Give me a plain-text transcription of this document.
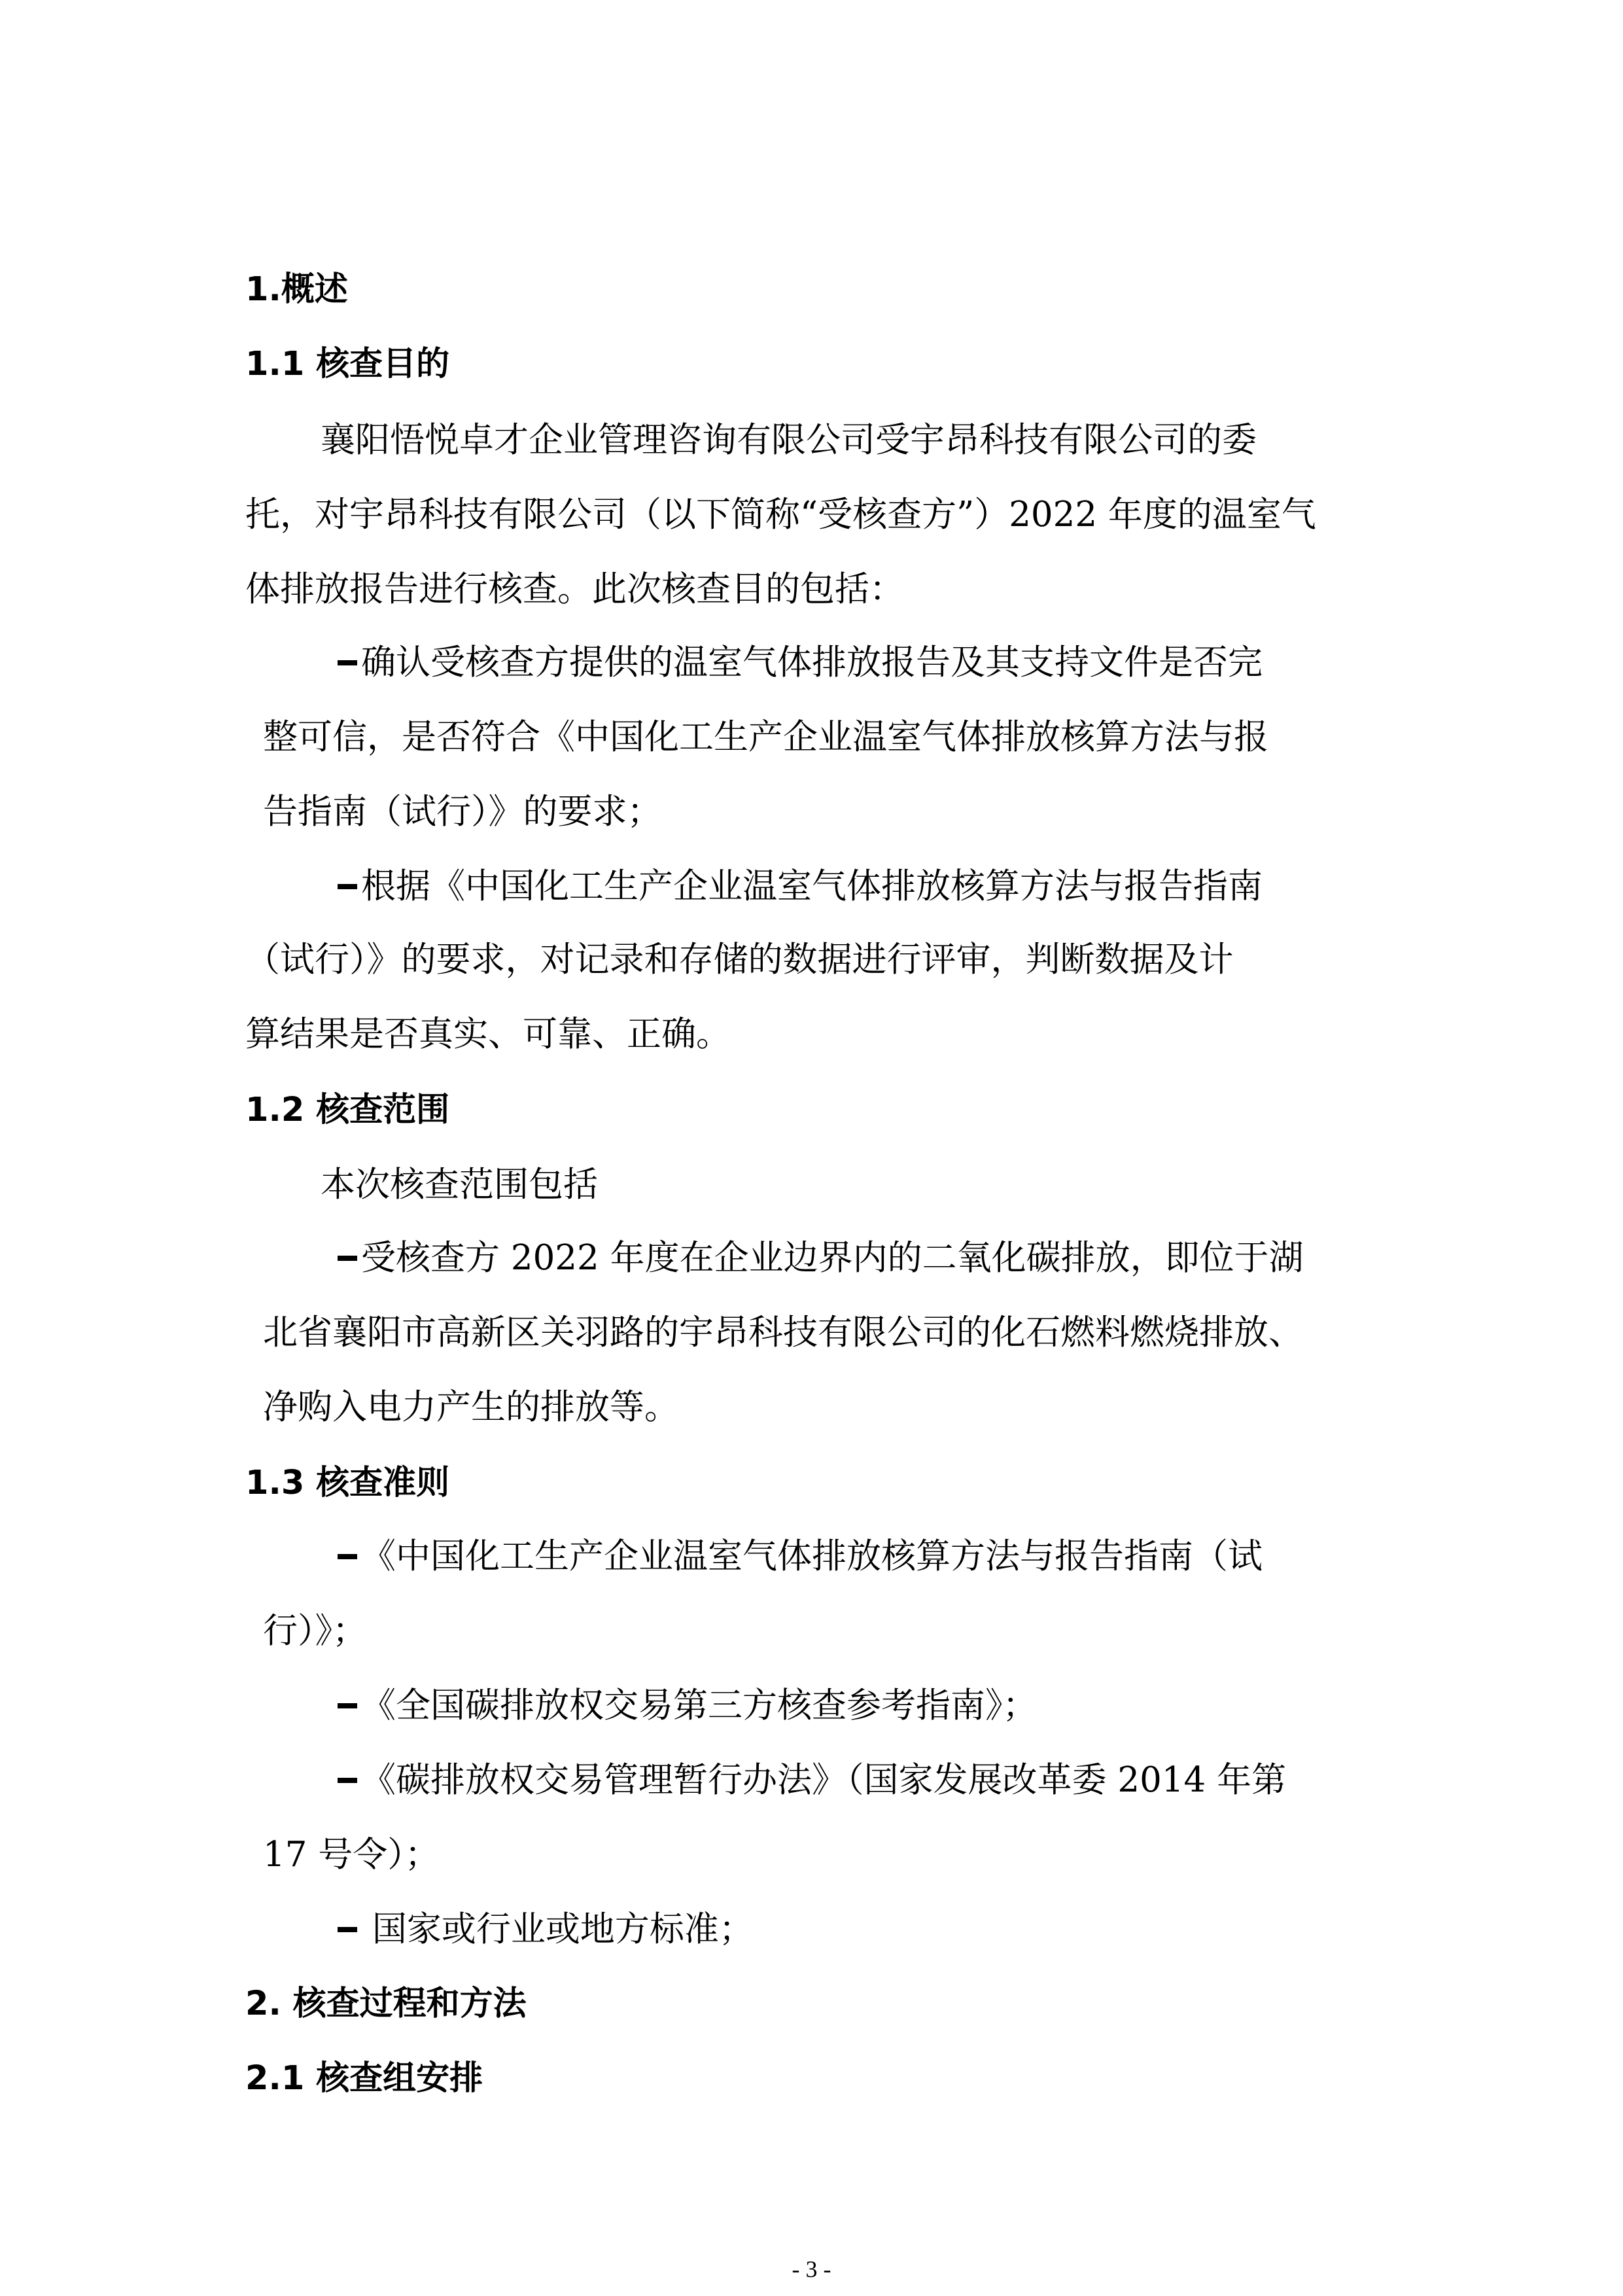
1.概述
1.1 核查目的
襄阳悟悦卓才企业管理咨询有限公司受宇昂科技有限公司的委
托，对宇昂科技有限公司（以下简称“受核查方”）2022 年度的温室气
体排放报告进行核查。此次核查目的包括：
确认受核查方提供的温室气体排放报告及其支持文件是否完
整可信，是否符合《中国化工生产企业温室气体排放核算方法与报
告指南（试行）》的要求；
根据《中国化工生产企业温室气体排放核算方法与报告指南
（试行）》的要求，对记录和存储的数据进行评审，判断数据及计
算结果是否真实、可靠、正确。
1.2 核查范围
本次核查范围包括
受核查方 2022 年度在企业边界内的二氧化碳排放，即位于湖
北省襄阳市高新区关羽路的宇昂科技有限公司的化石燃料燃烧排放、
净购入电力产生的排放等。
1.3 核查准则
《中国化工生产企业温室气体排放核算方法与报告指南（试
行）》；
《全国碳排放权交易第三方核查参考指南》；
《碳排放权交易管理暂行办法》（国家发展改革委 2014 年第
17 号令）；
国家或行业或地方标准；
2. 核查过程和方法
2.1 核查组安排
- 3 -
